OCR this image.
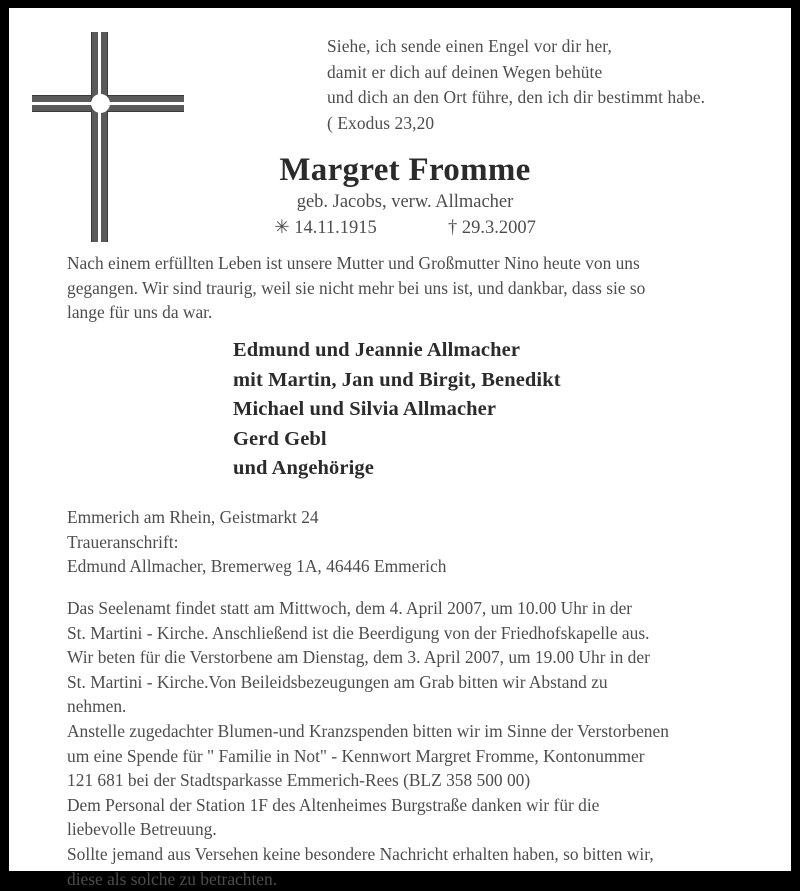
Siehe, ich sende einen Engel vor dir her,
damit er dich auf deinen Wegen behüte
und dich an den Ort führe, den ich dir bestimmt habe.
( Exodus 23,20
Margret Fromme
geb. Jacobs, verw. Allmacher
✳ 14.11.1915	† 29.3.2007
Nach einem erfüllten Leben ist unsere Mutter und Großmutter Nino heute von uns
gegangen. Wir sind traurig, weil sie nicht mehr bei uns ist, und dankbar, dass sie so
lange für uns da war.
Edmund und Jeannie Allmacher
mit Martin, Jan und Birgit, Benedikt
Michael und Silvia Allmacher
Gerd Gebl
und Angehörige
Emmerich am Rhein, Geistmarkt 24
Traueranschrift:
Edmund Allmacher, Bremerweg 1A, 46446 Emmerich
Das Seelenamt findet statt am Mittwoch, dem 4. April 2007, um 10.00 Uhr in der
St. Martini - Kirche. Anschließend ist die Beerdigung von der Friedhofskapelle aus.
Wir beten für die Verstorbene am Dienstag, dem 3. April 2007, um 19.00 Uhr in der
St. Martini - Kirche.Von Beileidsbezeugungen am Grab bitten wir Abstand zu
nehmen.
Anstelle zugedachter Blumen-und Kranzspenden bitten wir im Sinne der Verstorbenen
um eine Spende für " Familie in Not" - Kennwort Margret Fromme, Kontonummer
121 681 bei der Stadtsparkasse Emmerich-Rees (BLZ 358 500 00)
Dem Personal der Station 1F des Altenheimes Burgstraße danken wir für die
liebevolle Betreuung.
Sollte jemand aus Versehen keine besondere Nachricht erhalten haben, so bitten wir,
diese als solche zu betrachten.
